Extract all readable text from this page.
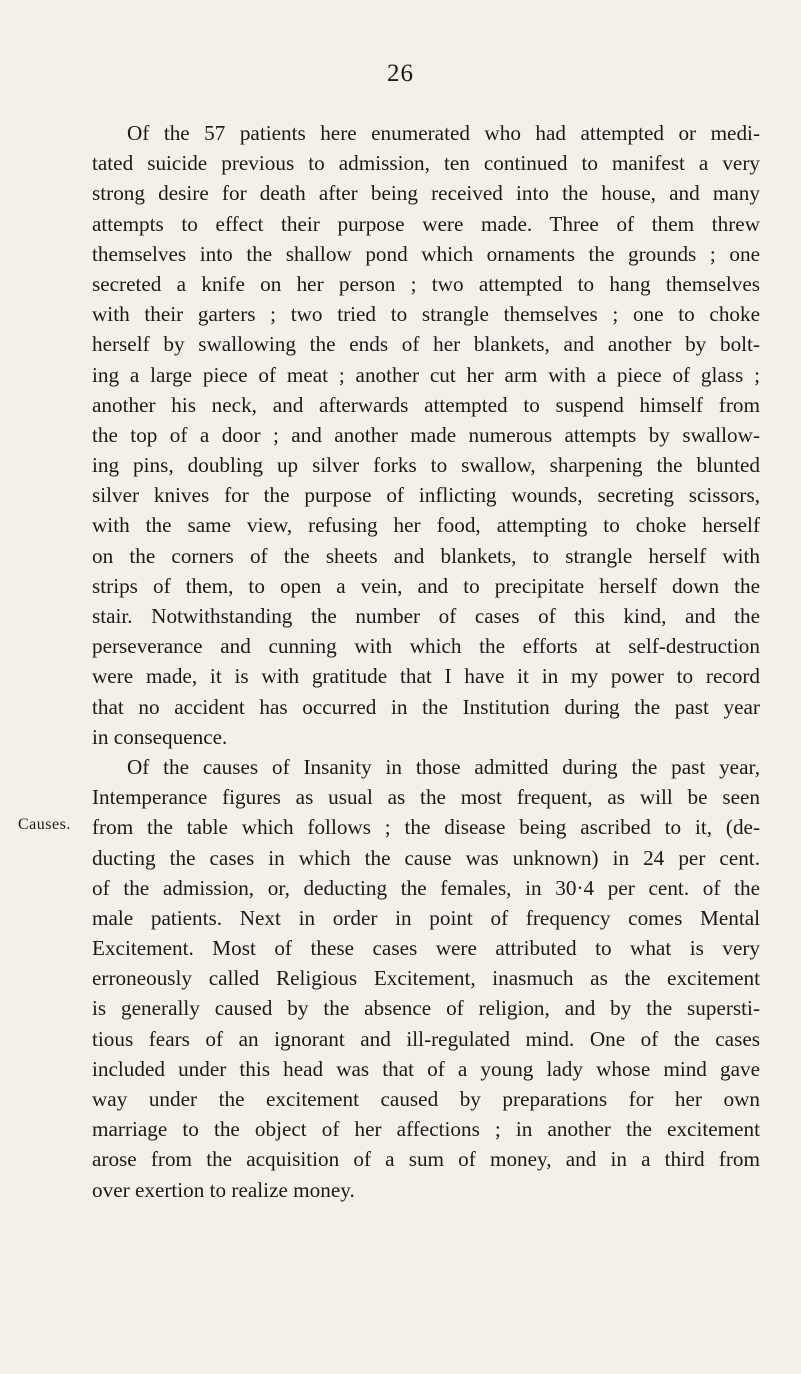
26
Causes.
Of the 57 patients here enumerated who had attempted or medi-
tated suicide previous to admission, ten continued to manifest a very
strong desire for death after being received into the house, and many
attempts to effect their purpose were made. Three of them threw
themselves into the shallow pond which ornaments the grounds ; one
secreted a knife on her person ; two attempted to hang themselves
with their garters ; two tried to strangle themselves ; one to choke
herself by swallowing the ends of her blankets, and another by bolt-
ing a large piece of meat ; another cut her arm with a piece of glass ;
another his neck, and afterwards attempted to suspend himself from
the top of a door ; and another made numerous attempts by swallow-
ing pins, doubling up silver forks to swallow, sharpening the blunted
silver knives for the purpose of inflicting wounds, secreting scissors,
with the same view, refusing her food, attempting to choke herself
on the corners of the sheets and blankets, to strangle herself with
strips of them, to open a vein, and to precipitate herself down the
stair. Notwithstanding the number of cases of this kind, and the
perseverance and cunning with which the efforts at self-destruction
were made, it is with gratitude that I have it in my power to record
that no accident has occurred in the Institution during the past year
in consequence.
Of the causes of Insanity in those admitted during the past year,
Intemperance figures as usual as the most frequent, as will be seen
from the table which follows ; the disease being ascribed to it, (de-
ducting the cases in which the cause was unknown) in 24 per cent.
of the admission, or, deducting the females, in 30·4 per cent. of the
male patients. Next in order in point of frequency comes Mental
Excitement. Most of these cases were attributed to what is very
erroneously called Religious Excitement, inasmuch as the excitement
is generally caused by the absence of religion, and by the supersti-
tious fears of an ignorant and ill-regulated mind. One of the cases
included under this head was that of a young lady whose mind gave
way under the excitement caused by preparations for her own
marriage to the object of her affections ; in another the excitement
arose from the acquisition of a sum of money, and in a third from
over exertion to realize money.
